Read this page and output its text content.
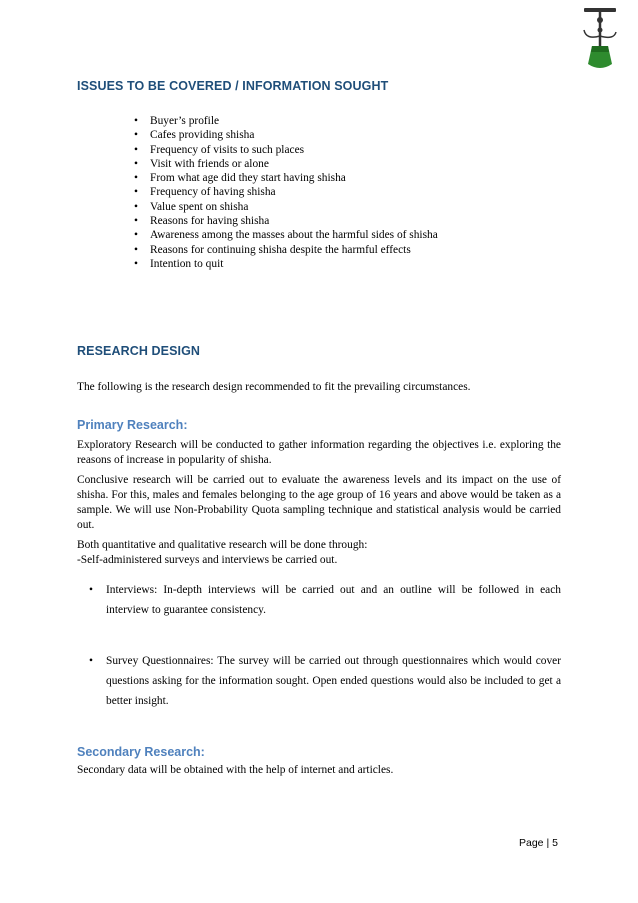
ISSUES TO BE COVERED / INFORMATION SOUGHT
• Buyer’s profile
• Cafes providing shisha
• Frequency of visits to such places
• Visit with friends or alone
• From what age did they start having shisha
• Frequency of having shisha
• Value spent on shisha
• Reasons for having shisha
• Awareness among the masses about the harmful sides of shisha
• Reasons for continuing shisha despite the harmful effects
• Intention to quit
RESEARCH DESIGN
The following is the research design recommended to fit the prevailing circumstances.
Primary Research:
Exploratory Research will be conducted to gather information regarding the objectives i.e. exploring the reasons of increase in popularity of shisha.
Conclusive research will be carried out to evaluate the awareness levels and its impact on the use of shisha. For this, males and females belonging to the age group of 16 years and above would be taken as a sample. We will use Non-Probability Quota sampling technique and statistical analysis would be carried out.
Both quantitative and qualitative research will be done through:
-Self-administered surveys and interviews be carried out.
• Interviews: In-depth interviews will be carried out and an outline will be followed in each interview to guarantee consistency.
• Survey Questionnaires: The survey will be carried out through questionnaires which would cover questions asking for the information sought. Open ended questions would also be included to get a better insight.
Secondary Research:
Secondary data will be obtained with the help of internet and articles.
Page | 5
